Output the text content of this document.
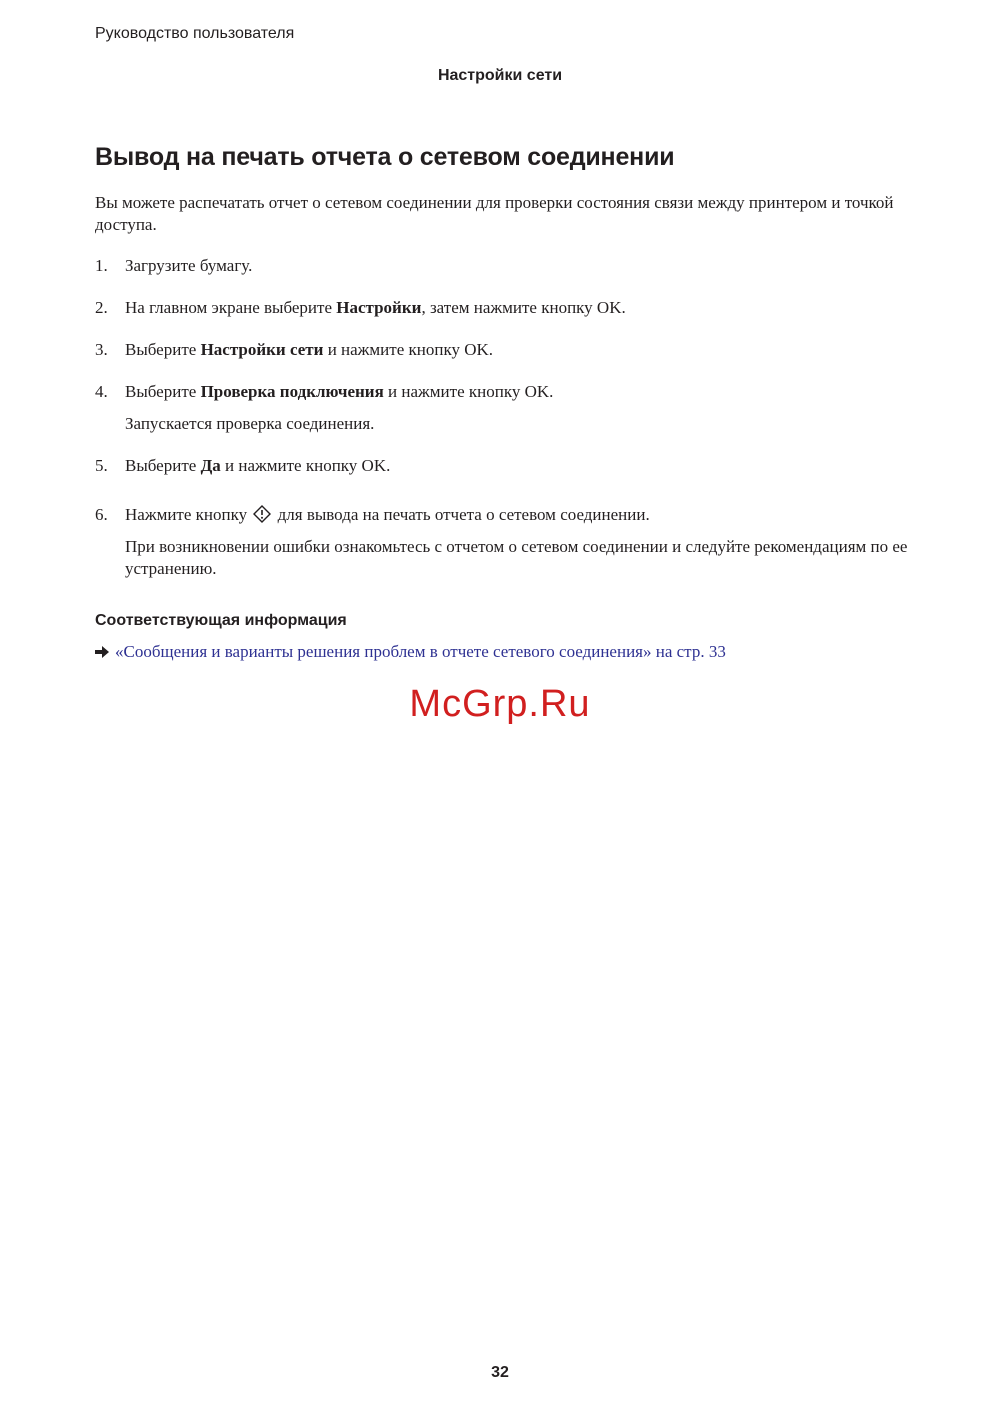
Руководство пользователя
Настройки сети
Вывод на печать отчета о сетевом соединении

Вы можете распечатать отчет о сетевом соединении для проверки состояния связи между принтером и точкой доступа.

1. Загрузите бумагу.
2. На главном экране выберите Настройки, затем нажмите кнопку OK.
3. Выберите Настройки сети и нажмите кнопку OK.
4. Выберите Проверка подключения и нажмите кнопку OK.
Запускается проверка соединения.
5. Выберите Да и нажмите кнопку OK.
6. Нажмите кнопку  для вывода на печать отчета о сетевом соединении.
При возникновении ошибки ознакомьтесь с отчетом о сетевом соединении и следуйте рекомендациям по ее устранению.
Соответствующая информация
«Сообщения и варианты решения проблем в отчете сетевого соединения» на стр. 33
McGrp.Ru
32
